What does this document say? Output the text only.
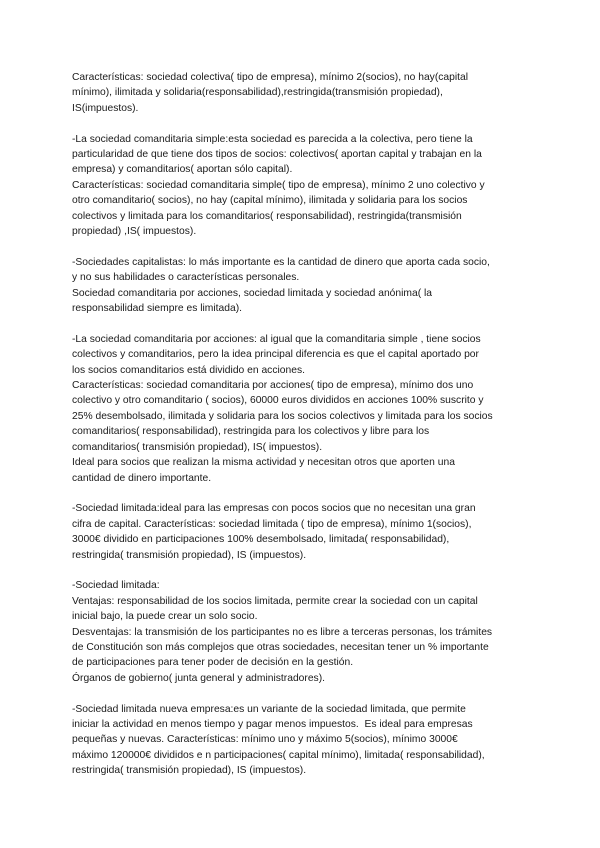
Características: sociedad colectiva( tipo de empresa), mínimo 2(socios), no hay(capital
mínimo), ilimitada y solidaria(responsabilidad),restringida(transmisión propiedad),
IS(impuestos).
-La sociedad comanditaria simple:esta sociedad es parecida a la colectiva, pero tiene la
particularidad de que tiene dos tipos de socios: colectivos( aportan capital y trabajan en la
empresa) y comanditarios( aportan sólo capital).
Características: sociedad comanditaria simple( tipo de empresa), mínimo 2 uno colectivo y
otro comanditario( socios), no hay (capital mínimo), ilimitada y solidaria para los socios
colectivos y limitada para los comanditarios( responsabilidad), restringida(transmisión
propiedad) ,IS( impuestos).
-Sociedades capitalistas: lo más importante es la cantidad de dinero que aporta cada socio,
y no sus habilidades o características personales.
Sociedad comanditaria por acciones, sociedad limitada y sociedad anónima( la
responsabilidad siempre es limitada).
-La sociedad comanditaria por acciones: al igual que la comanditaria simple , tiene socios
colectivos y comanditarios, pero la idea principal diferencia es que el capital aportado por
los socios comanditarios está dividido en acciones.
Características: sociedad comanditaria por acciones( tipo de empresa), mínimo dos uno
colectivo y otro comanditario ( socios), 60000 euros divididos en acciones 100% suscrito y
25% desembolsado, ilimitada y solidaria para los socios colectivos y limitada para los socios
comanditarios( responsabilidad), restringida para los colectivos y libre para los
comanditarios( transmisión propiedad), IS( impuestos).
Ideal para socios que realizan la misma actividad y necesitan otros que aporten una
cantidad de dinero importante.
-Sociedad limitada:ideal para las empresas con pocos socios que no necesitan una gran
cifra de capital. Características: sociedad limitada ( tipo de empresa), mínimo 1(socios),
3000€ dividido en participaciones 100% desembolsado, limitada( responsabilidad),
restringida( transmisión propiedad), IS (impuestos).
-Sociedad limitada:
Ventajas: responsabilidad de los socios limitada, permite crear la sociedad con un capital
inicial bajo, la puede crear un solo socio.
Desventajas: la transmisión de los participantes no es libre a terceras personas, los trámites
de Constitución son más complejos que otras sociedades, necesitan tener un % importante
de participaciones para tener poder de decisión en la gestión.
Órganos de gobierno( junta general y administradores).
-Sociedad limitada nueva empresa:es un variante de la sociedad limitada, que permite
iniciar la actividad en menos tiempo y pagar menos impuestos.  Es ideal para empresas
pequeñas y nuevas. Características: mínimo uno y máximo 5(socios), mínimo 3000€
máximo 120000€ divididos e n participaciones( capital mínimo), limitada( responsabilidad),
restringida( transmisión propiedad), IS (impuestos).
